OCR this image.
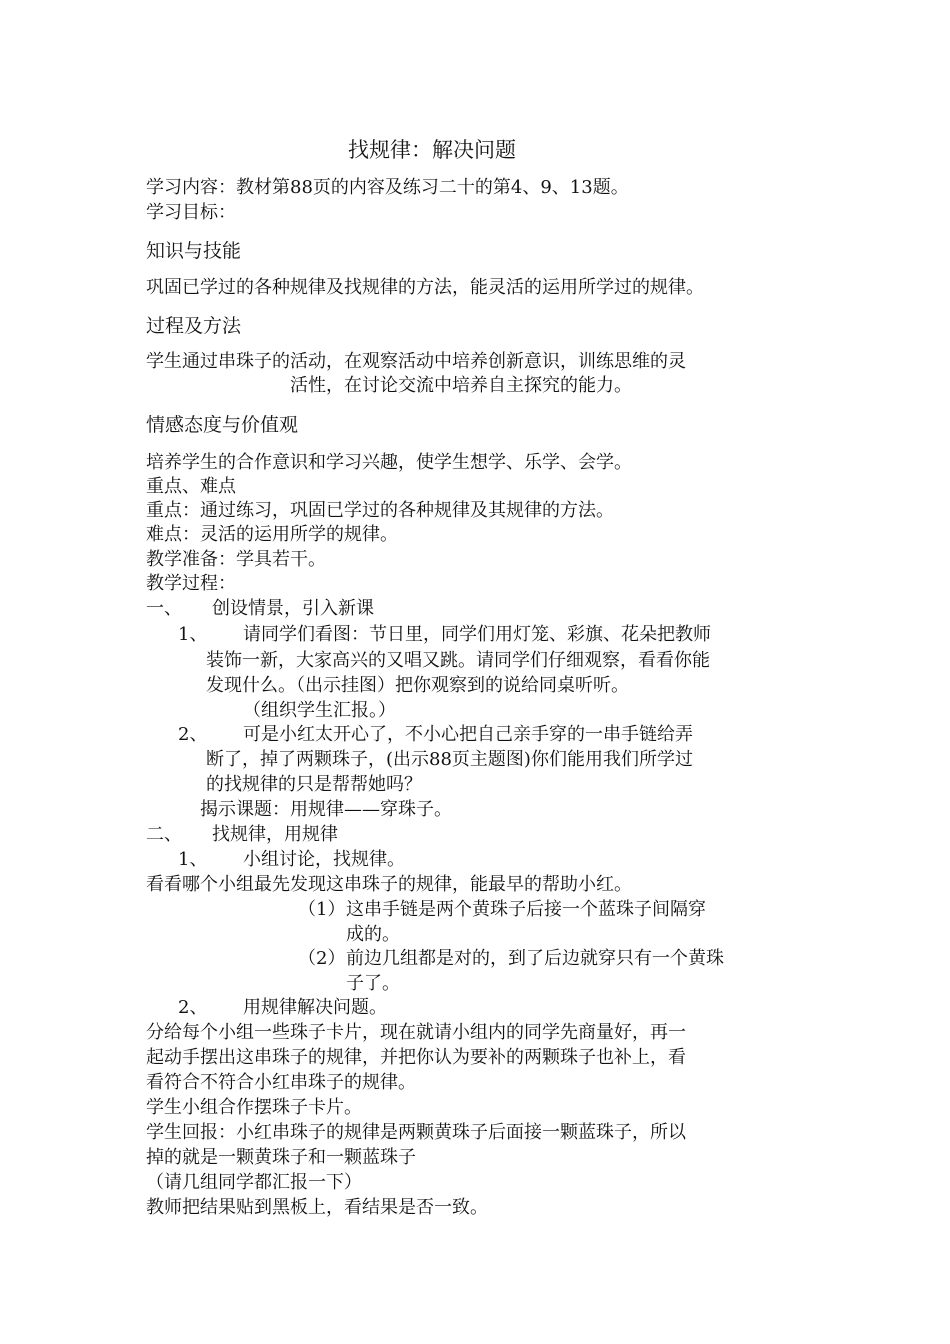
找规律：解决问题
学习内容：教材第88页的内容及练习二十的第4、9、13题。
学习目标：
知识与技能
巩固已学过的各种规律及找规律的方法，能灵活的运用所学过的规律。
过程及方法
学生通过串珠子的活动，在观察活动中培养创新意识，训练思维的灵
活性，在讨论交流中培养自主探究的能力。
情感态度与价值观
培养学生的合作意识和学习兴趣，使学生想学、乐学、会学。
重点、难点
重点：通过练习，巩固已学过的各种规律及其规律的方法。
难点：灵活的运用所学的规律。
教学准备：学具若干。
教学过程：
一、 创设情景，引入新课
1、 请同学们看图：节日里，同学们用灯笼、彩旗、花朵把教师
装饰一新，大家高兴的又唱又跳。请同学们仔细观察，看看你能
发现什么。（出示挂图）把你观察到的说给同桌听听。
（组织学生汇报。）
2、 可是小红太开心了，不小心把自己亲手穿的一串手链给弄
断了，掉了两颗珠子，(出示88页主题图)你们能用我们所学过
的找规律的只是帮帮她吗？
揭示课题：用规律——穿珠子。
二、 找规律，用规律
1、 小组讨论，找规律。
看看哪个小组最先发现这串珠子的规律，能最早的帮助小红。
（1） 这串手链是两个黄珠子后接一个蓝珠子间隔穿
成的。
（2） 前边几组都是对的，到了后边就穿只有一个黄珠
子了。
2、 用规律解决问题。
分给每个小组一些珠子卡片，现在就请小组内的同学先商量好，再一
起动手摆出这串珠子的规律，并把你认为要补的两颗珠子也补上，看
看符合不符合小红串珠子的规律。
学生小组合作摆珠子卡片。
学生回报：小红串珠子的规律是两颗黄珠子后面接一颗蓝珠子，所以
掉的就是一颗黄珠子和一颗蓝珠子
（请几组同学都汇报一下）
教师把结果贴到黑板上，看结果是否一致。
